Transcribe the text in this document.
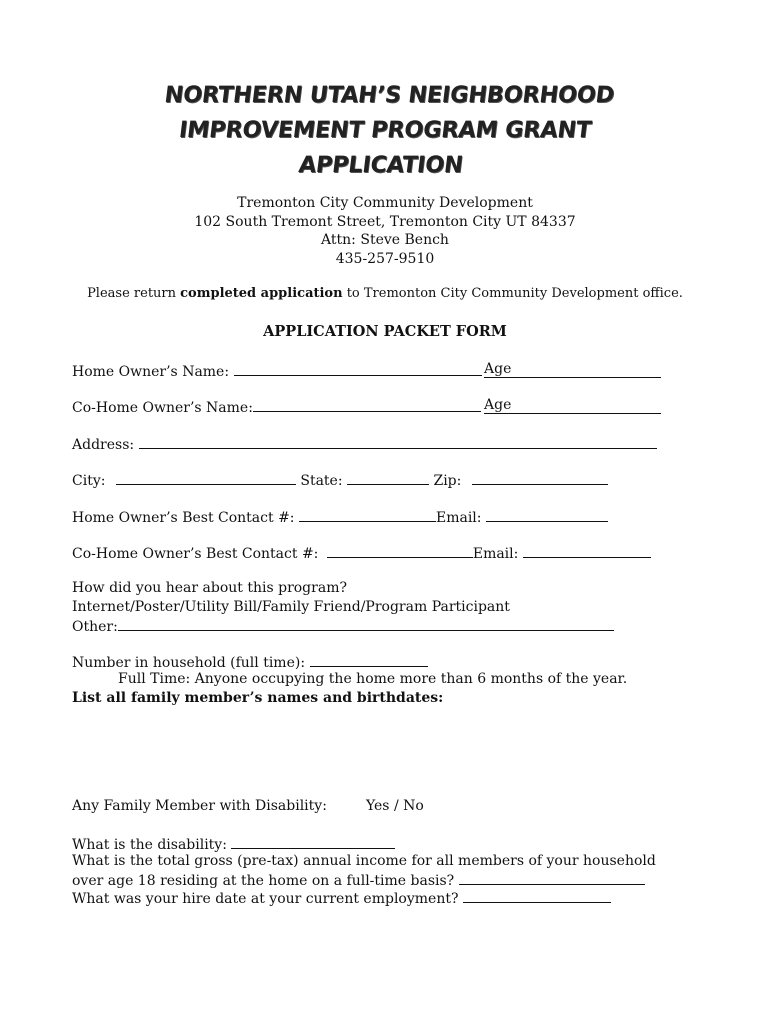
NORTHERN UTAH’S NEIGHBORHOOD
IMPROVEMENT PROGRAM GRANT
APPLICATION
Tremonton City Community Development
102 South Tremont Street, Tremonton City UT 84337
Attn: Steve Bench
435-257-9510
Please return completed application to Tremonton City Community Development office.
APPLICATION PACKET FORM
Home Owner’s Name:	Age
Co-Home Owner’s Name:	Age
Address:
City:	State:	Zip:
Home Owner’s Best Contact #:	Email:
Co-Home Owner’s Best Contact #:	Email:
How did you hear about this program?
Internet/Poster/Utility Bill/Family Friend/Program Participant
Other:
Number in household (full time):
Full Time: Anyone occupying the home more than 6 months of the year.
List all family member’s names and birthdates:
Any Family Member with Disability:	Yes / No
What is the disability:
What is the total gross (pre-tax) annual income for all members of your household
over age 18 residing at the home on a full-time basis?
What was your hire date at your current employment?
